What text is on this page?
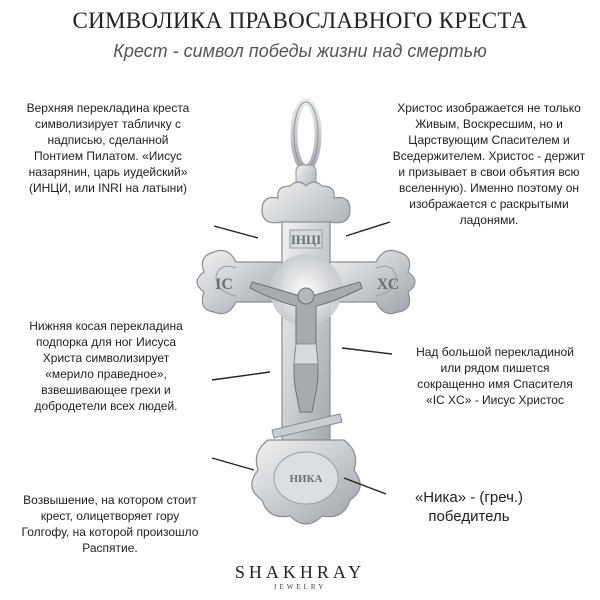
СИМВОЛИКА ПРАВОСЛАВНОГО КРЕСТА
Крест - символ победы жизни над смертью
ІНЦІ
ІС	ХС
НИКА
Верхняя перекладина креста
символизирует табличку с
надписью, сделанной
Понтием Пилатом. «Иисус
назарянин, царь иудейский»
(ИНЦИ, или INRI на латыни)
Христос изображается не только
Живым, Воскресшим, но и
Царствующим Спасителем и
Вседержителем. Христос - держит
и призывает в свои объятия всю
вселенную). Именно поэтому он
изображается с раскрытыми
ладонями.
Нижняя косая перекладина
подпорка для ног Иисуса
Христа символизирует
«мерило праведное»,
взвешивающее грехи и
добродетели всех людей.
Над большой перекладиной
или рядом пишется
сокращенно имя Спасителя
«IC XC» - Иисус Христос
Возвышение, на котором стоит
крест, олицетворяет гору
Голгофу, на которой произошло
Распятие.
«Ника» - (греч.)
победитель
SHAKHRAY
JEWELRY
